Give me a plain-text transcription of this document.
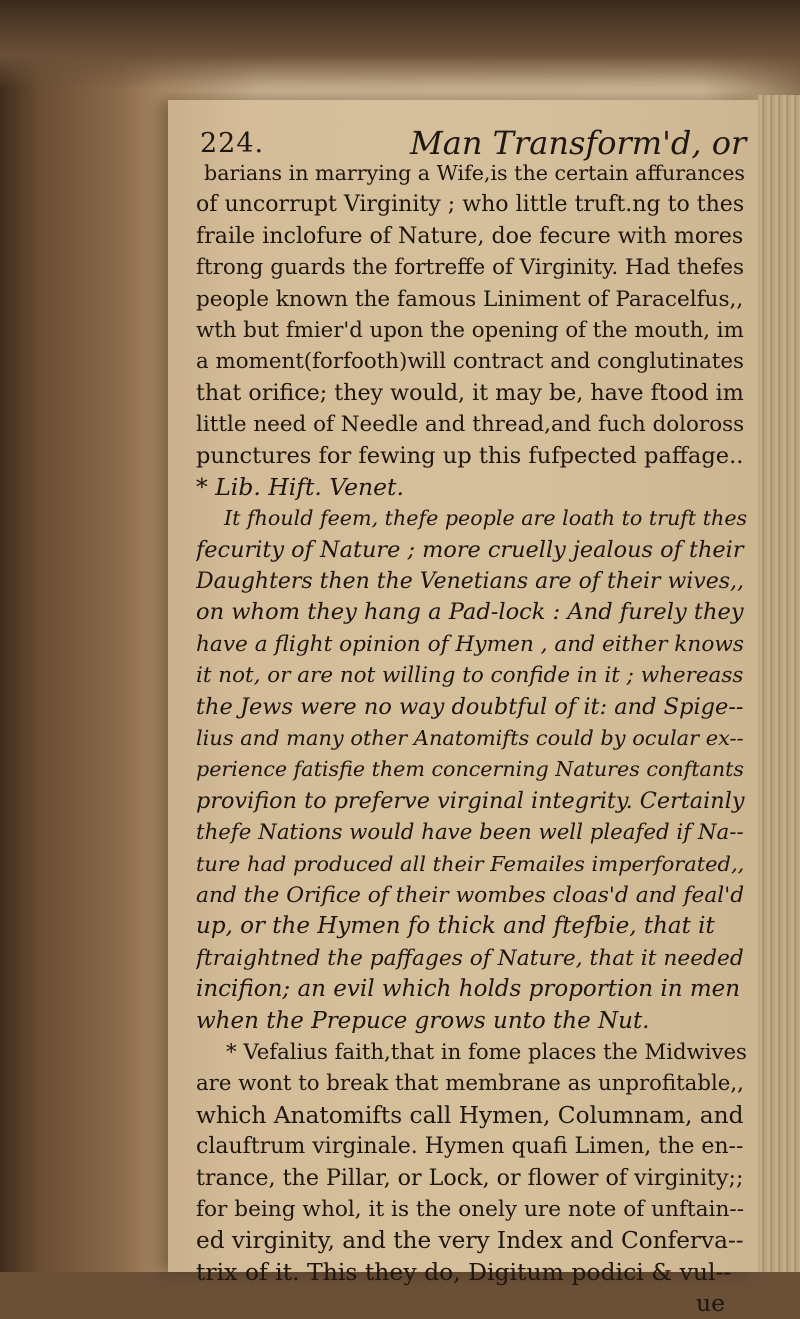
224.	Man Transform'd, or
barians in marrying a Wife,is the certain affurances
of uncorrupt Virginity ; who little truft.ng to thes
fraile inclofure of Nature, doe fecure with mores
ftrong guards the fortreffe of Virginity. Had thefes
people known the famous Liniment of Paracelfus,,
wth but fmier'd upon the opening of the mouth, im
a moment(forfooth)will contract and conglutinates
that orifice; they would, it may be, have ftood im
little need of Needle and thread,and fuch doloross
punctures for fewing up this fufpected paffage..
* Lib. Hift. Venet.
It fhould feem, thefe people are loath to truft thes
fecurity of Nature ; more cruelly jealous of their
Daughters then the Venetians are of their wives,,
on whom they hang a Pad-lock : And furely they
have a flight opinion of Hymen , and either knows
it not, or are not willing to confide in it ; whereass
the Jews were no way doubtful of it: and Spige--
lius and many other Anatomifts could by ocular ex--
perience fatisfie them concerning Natures conftants
provifion to preferve virginal integrity. Certainly
thefe Nations would have been well pleafed if Na--
ture had produced all their Femailes imperforated,,
and the Orifice of their wombes cloas'd and feal'd
up, or the Hymen fo thick and ftefbie, that it
ftraightned the paffages of Nature, that it needed
incifion; an evil which holds proportion in men
when the Prepuce grows unto the Nut.
* Vefalius faith,that in fome places the Midwives
are wont to break that membrane as unprofitable,,
which Anatomifts call Hymen, Columnam, and
clauftrum virginale. Hymen quafi Limen, the en--
trance, the Pillar, or Lock, or flower of virginity;;
for being whol, it is the onely ure note of unftain--
ed virginity, and the very Index and Conferva--
trix of it. This they do, Digitum podici & vul--
ue
